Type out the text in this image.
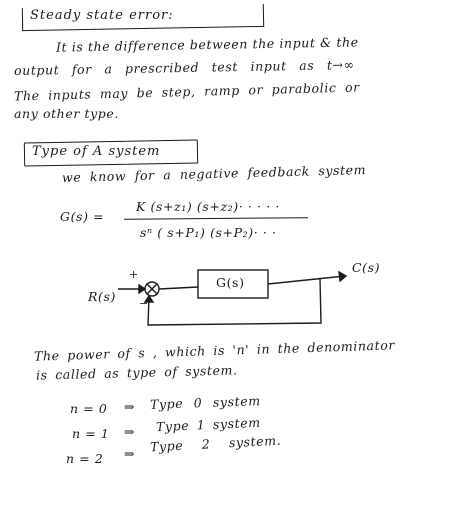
Steady state error:
It is the difference between the input & the
output for a prescribed test input as t→∞
The inputs may be step, ramp or parabolic or
any other type.
Type of A system
we know for a negative feedback system
G(s) =
K (s+z₁) (s+z₂)· · · · ·
sⁿ ( s+P₁) (s+P₂)· · ·
G(s)
R(s)
C(s)
+
−
The power of s , which is 'n' in the denominator
is called as type of system.
n = 0 ⇒ Type 0 system
n = 1 ⇒ Type 1 system
n = 2 ⇒ Type 2 system.
